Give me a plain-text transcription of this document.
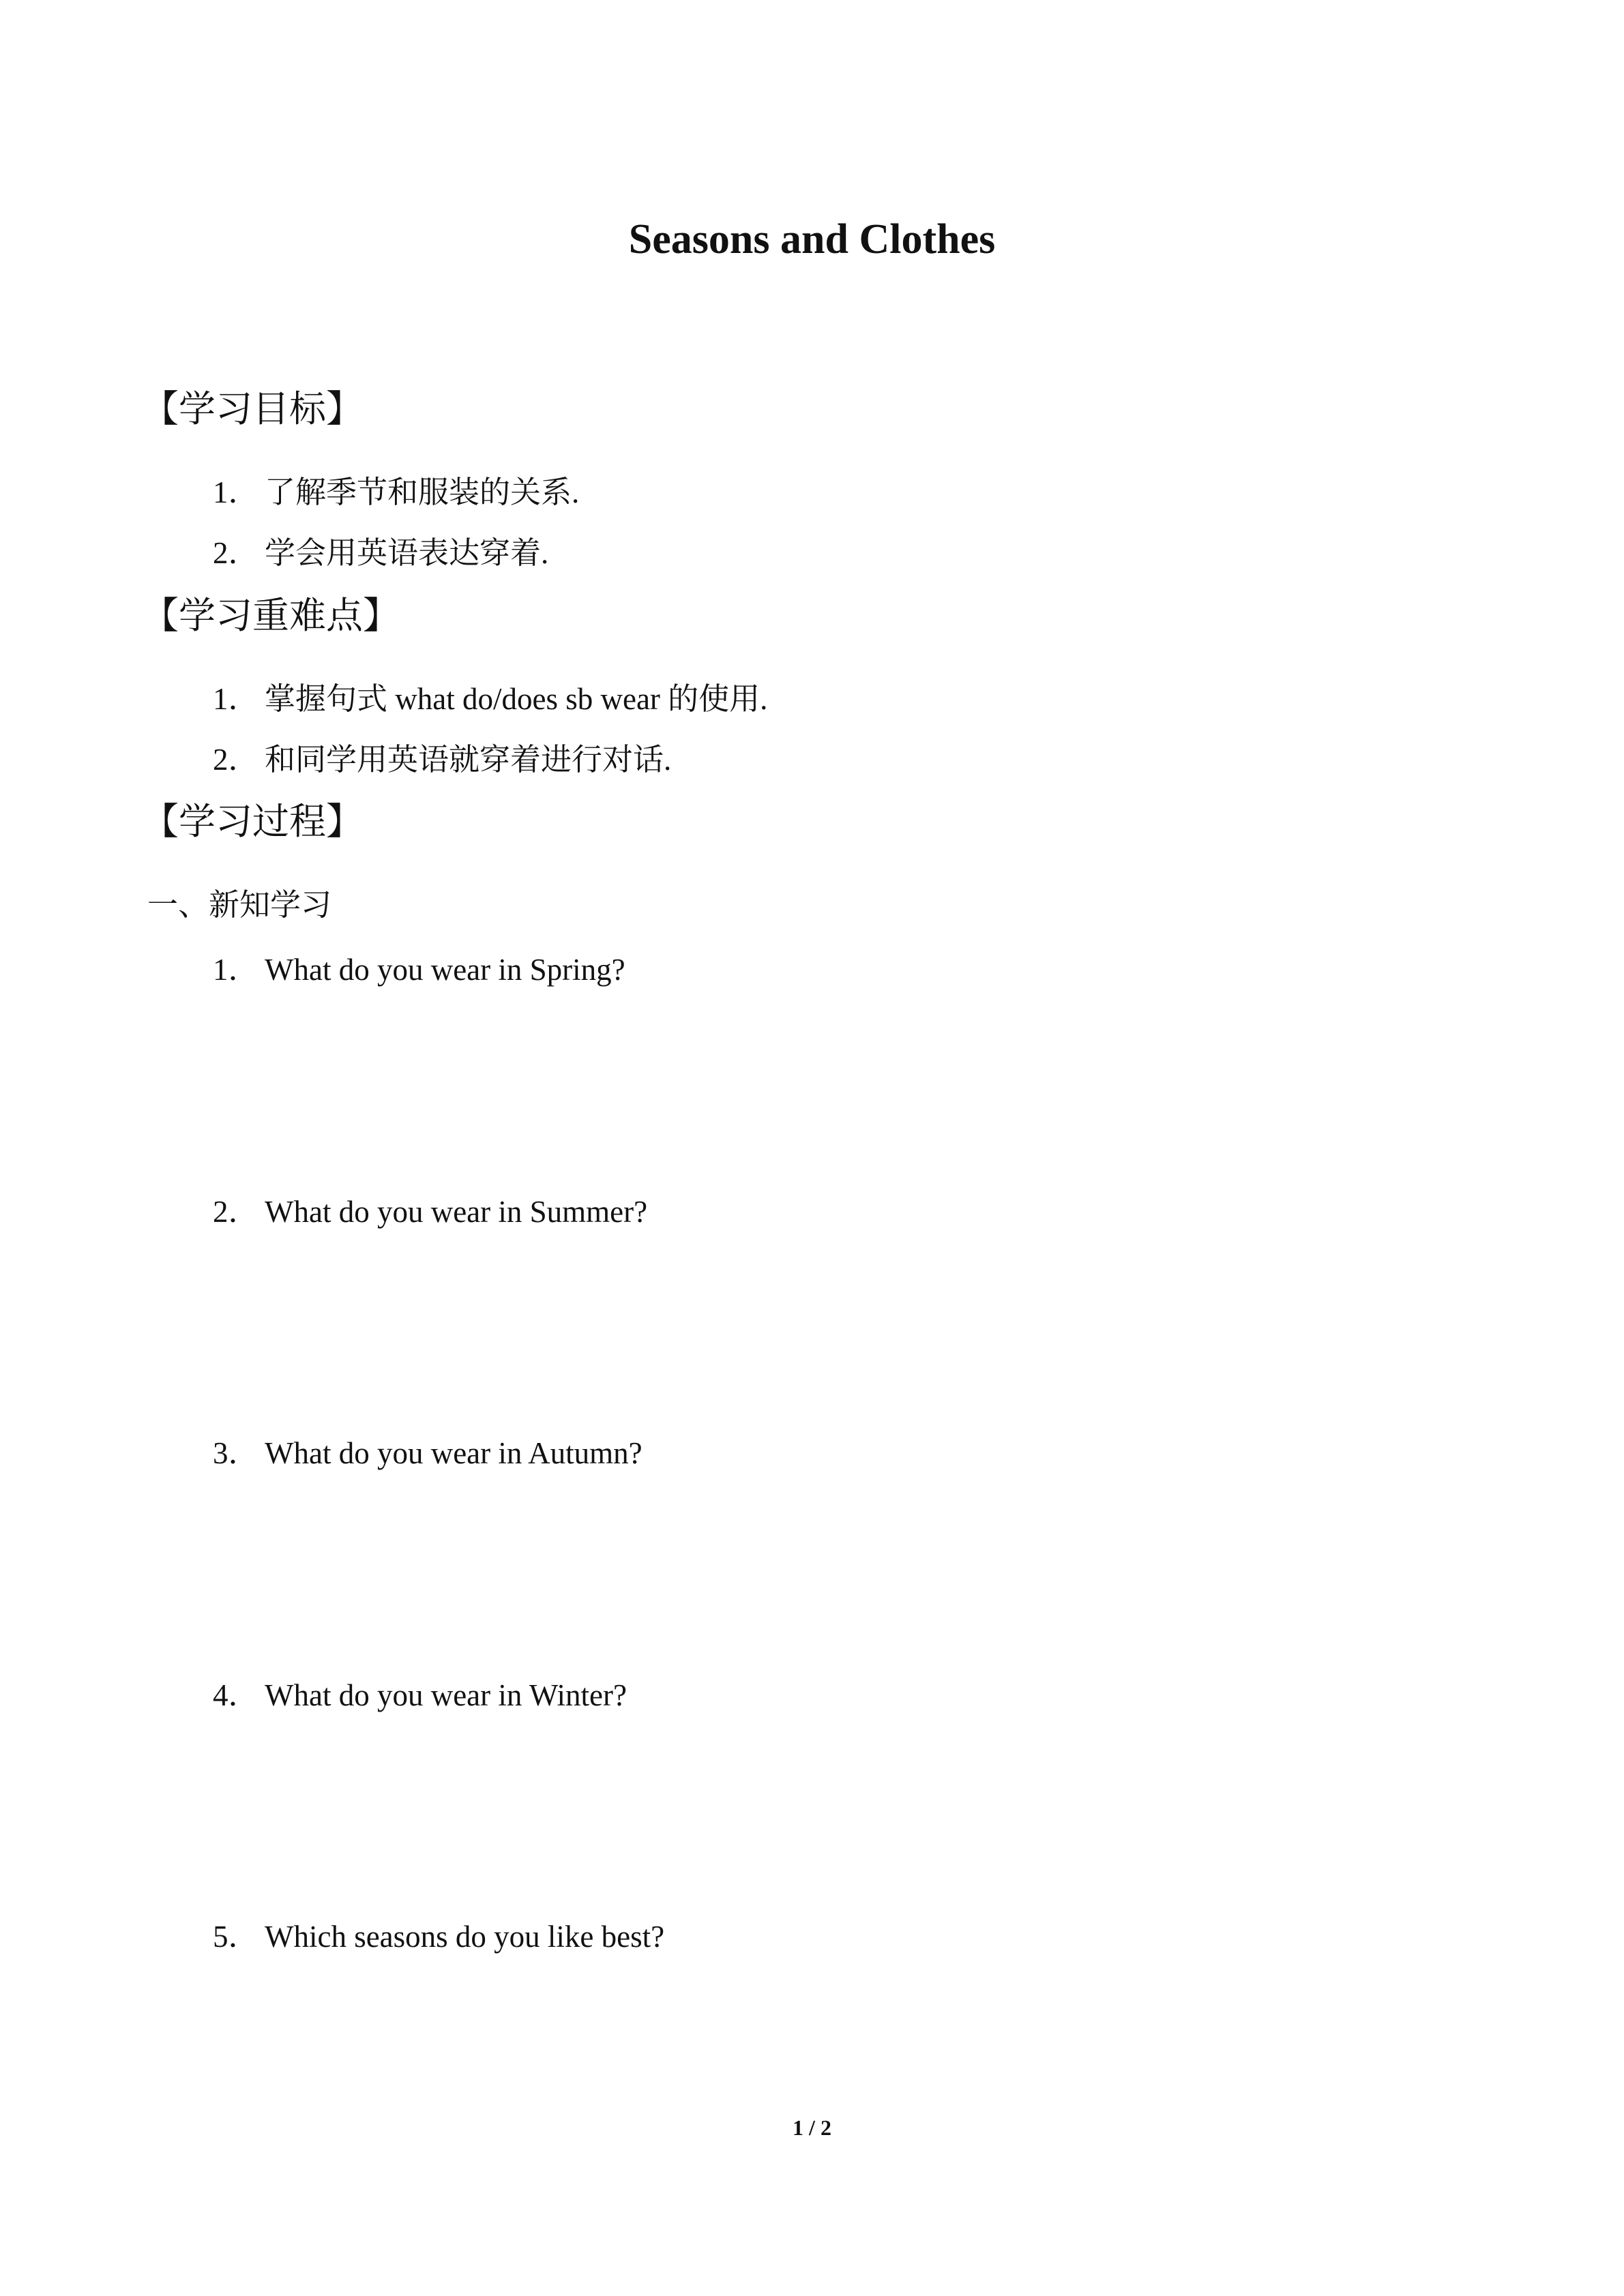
Seasons and Clothes
【学习目标】
1． 了解季节和服装的关系.
2． 学会用英语表达穿着.
【学习重难点】
1． 掌握句式 what do/does sb wear 的使用.
2． 和同学用英语就穿着进行对话.
【学习过程】
一、新知学习
1． What do you wear in Spring?
2． What do you wear in Summer?
3． What do you wear in Autumn?
4． What do you wear in Winter?
5． Which seasons do you like best?
1 / 2
